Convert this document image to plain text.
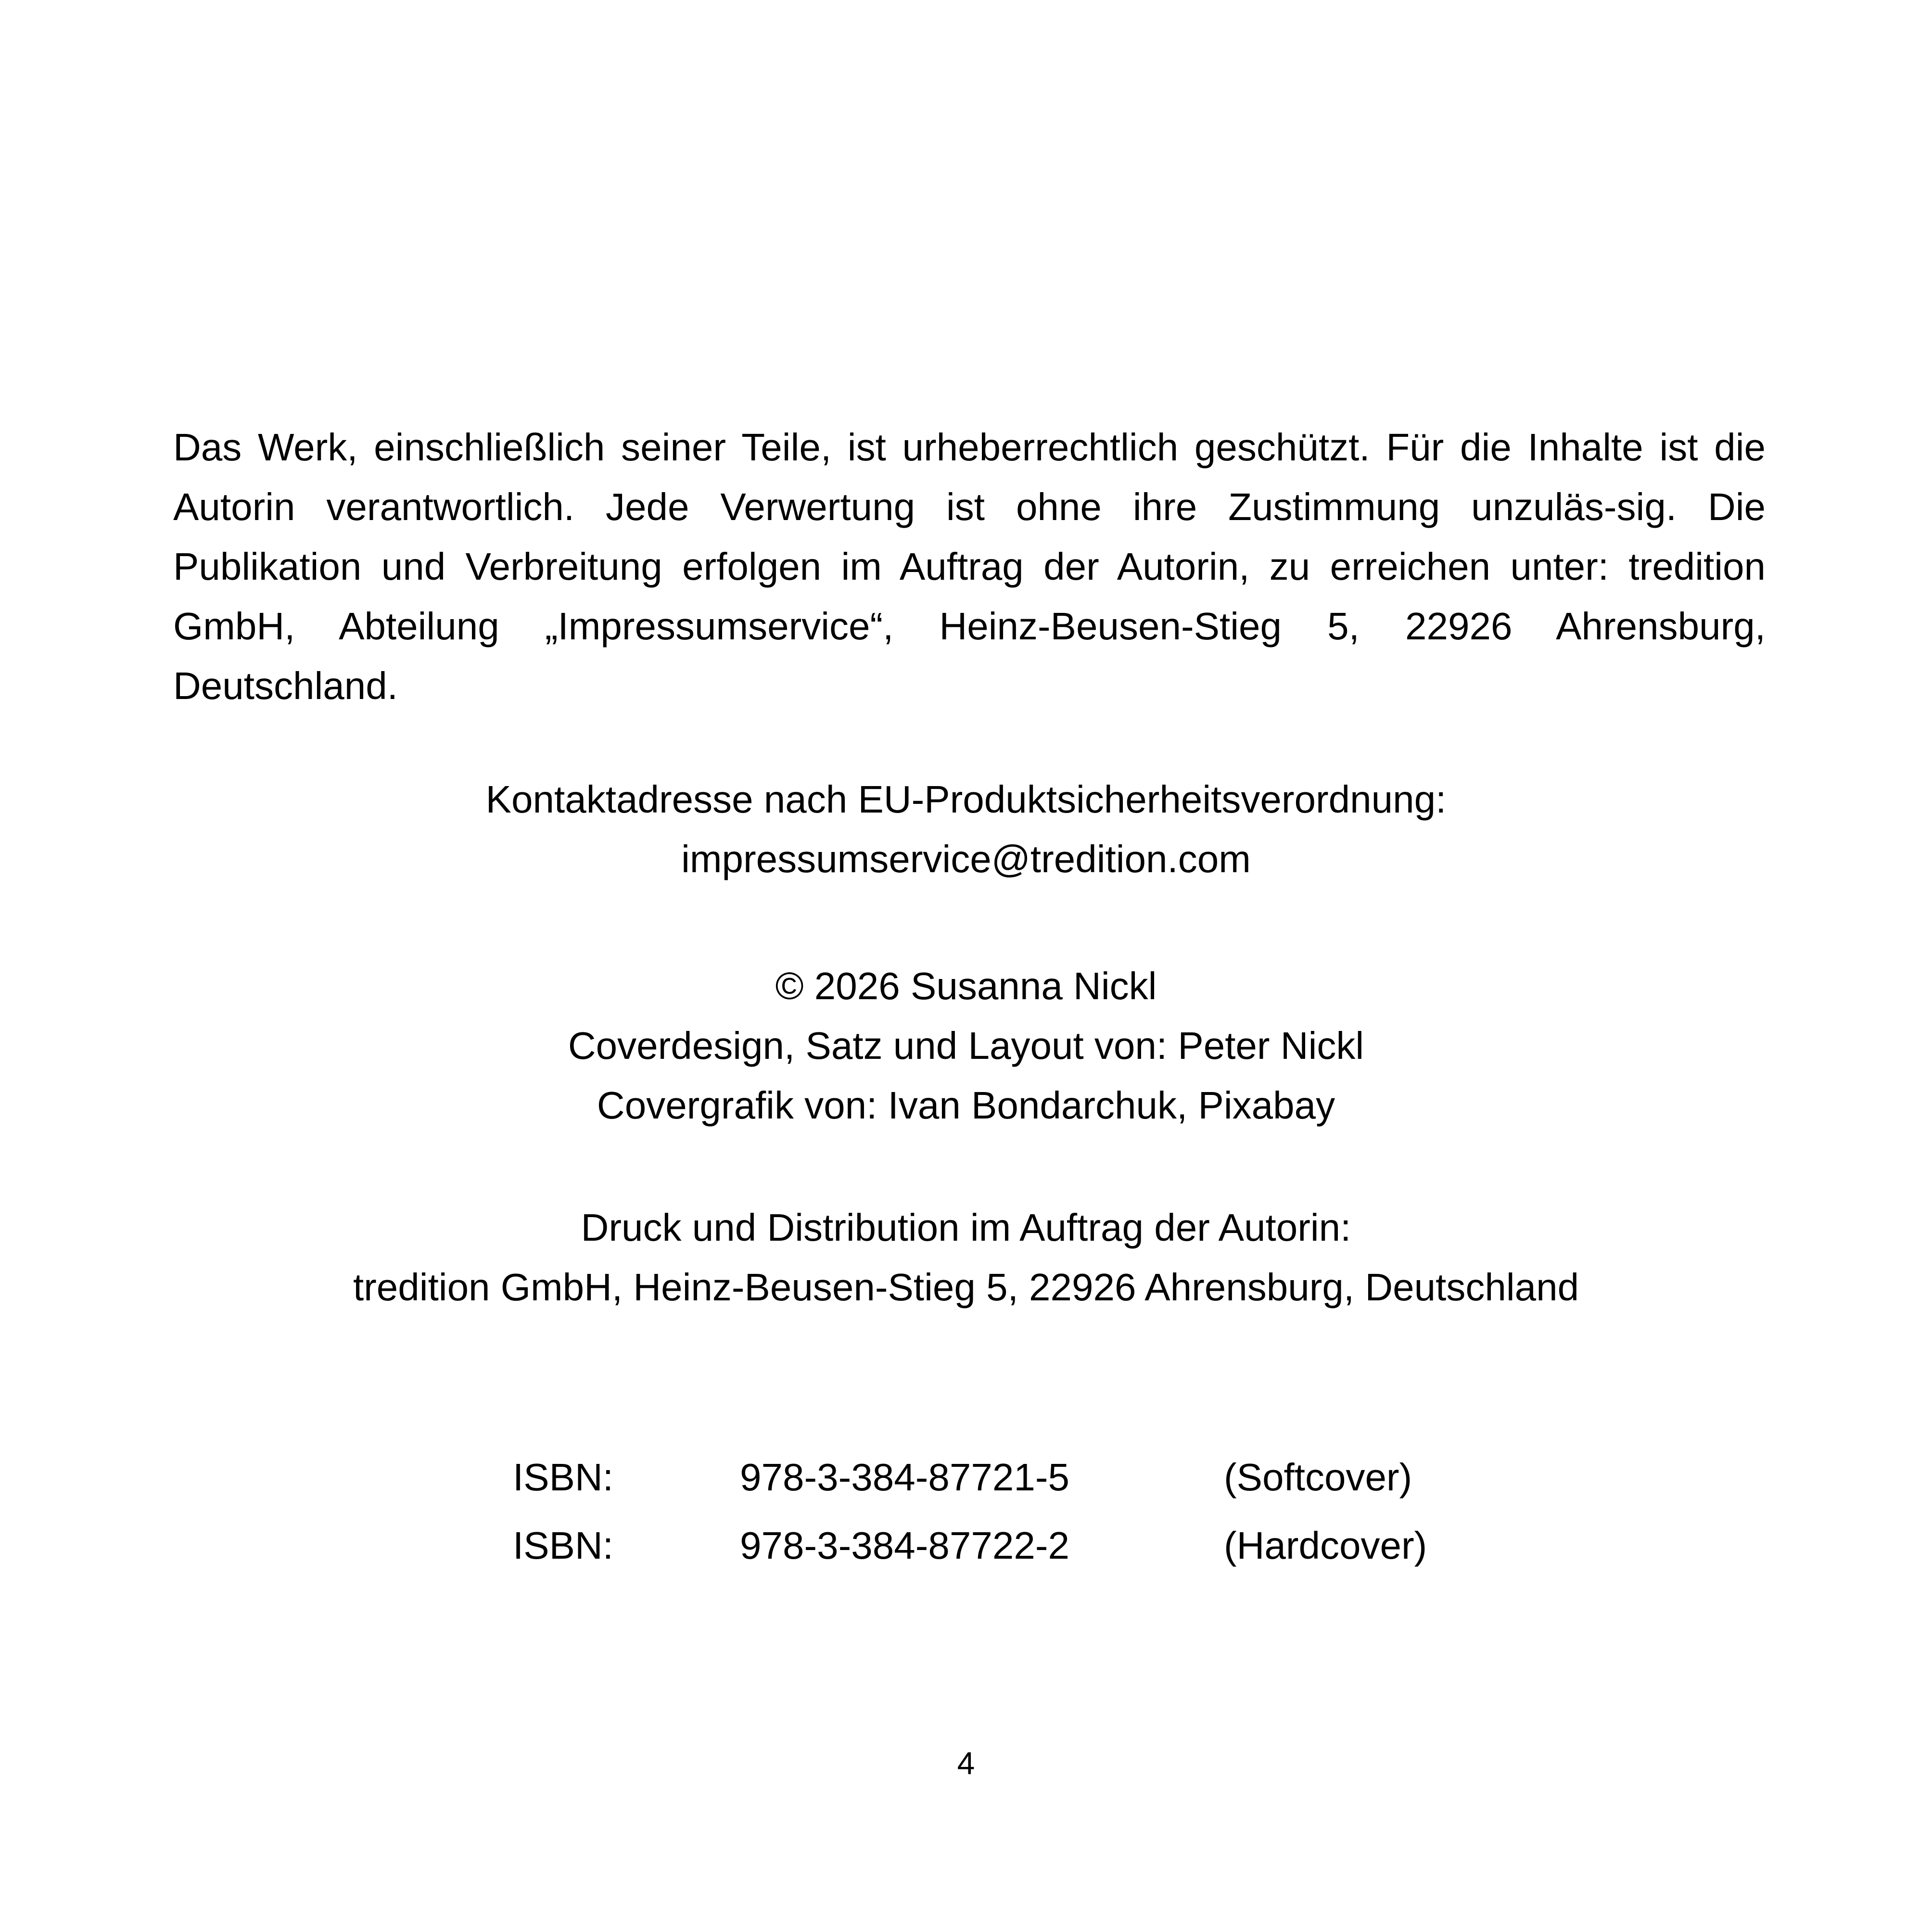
Das Werk, einschließlich seiner Teile, ist urheberrechtlich geschützt. Für die Inhalte ist die Autorin verantwortlich. Jede Verwertung ist ohne ihre Zustimmung unzuläs-sig. Die Publikation und Verbreitung erfolgen im Auftrag der Autorin, zu erreichen unter: tredition GmbH, Abteilung „Impressumservice“, Heinz-Beusen-Stieg 5, 22926 Ahrensburg, Deutschland.

Kontaktadresse nach EU-Produktsicherheitsverordnung:
impressumservice@tredition.com
© 2026 Susanna Nickl
Coverdesign, Satz und Layout von: Peter Nickl
Covergrafik von: Ivan Bondarchuk, Pixabay
Druck und Distribution im Auftrag der Autorin:
tredition GmbH, Heinz-Beusen-Stieg 5, 22926 Ahrensburg, Deutschland
ISBN:	978-3-384-87721-5	(Softcover)
ISBN:	978-3-384-87722-2	(Hardcover)
4
